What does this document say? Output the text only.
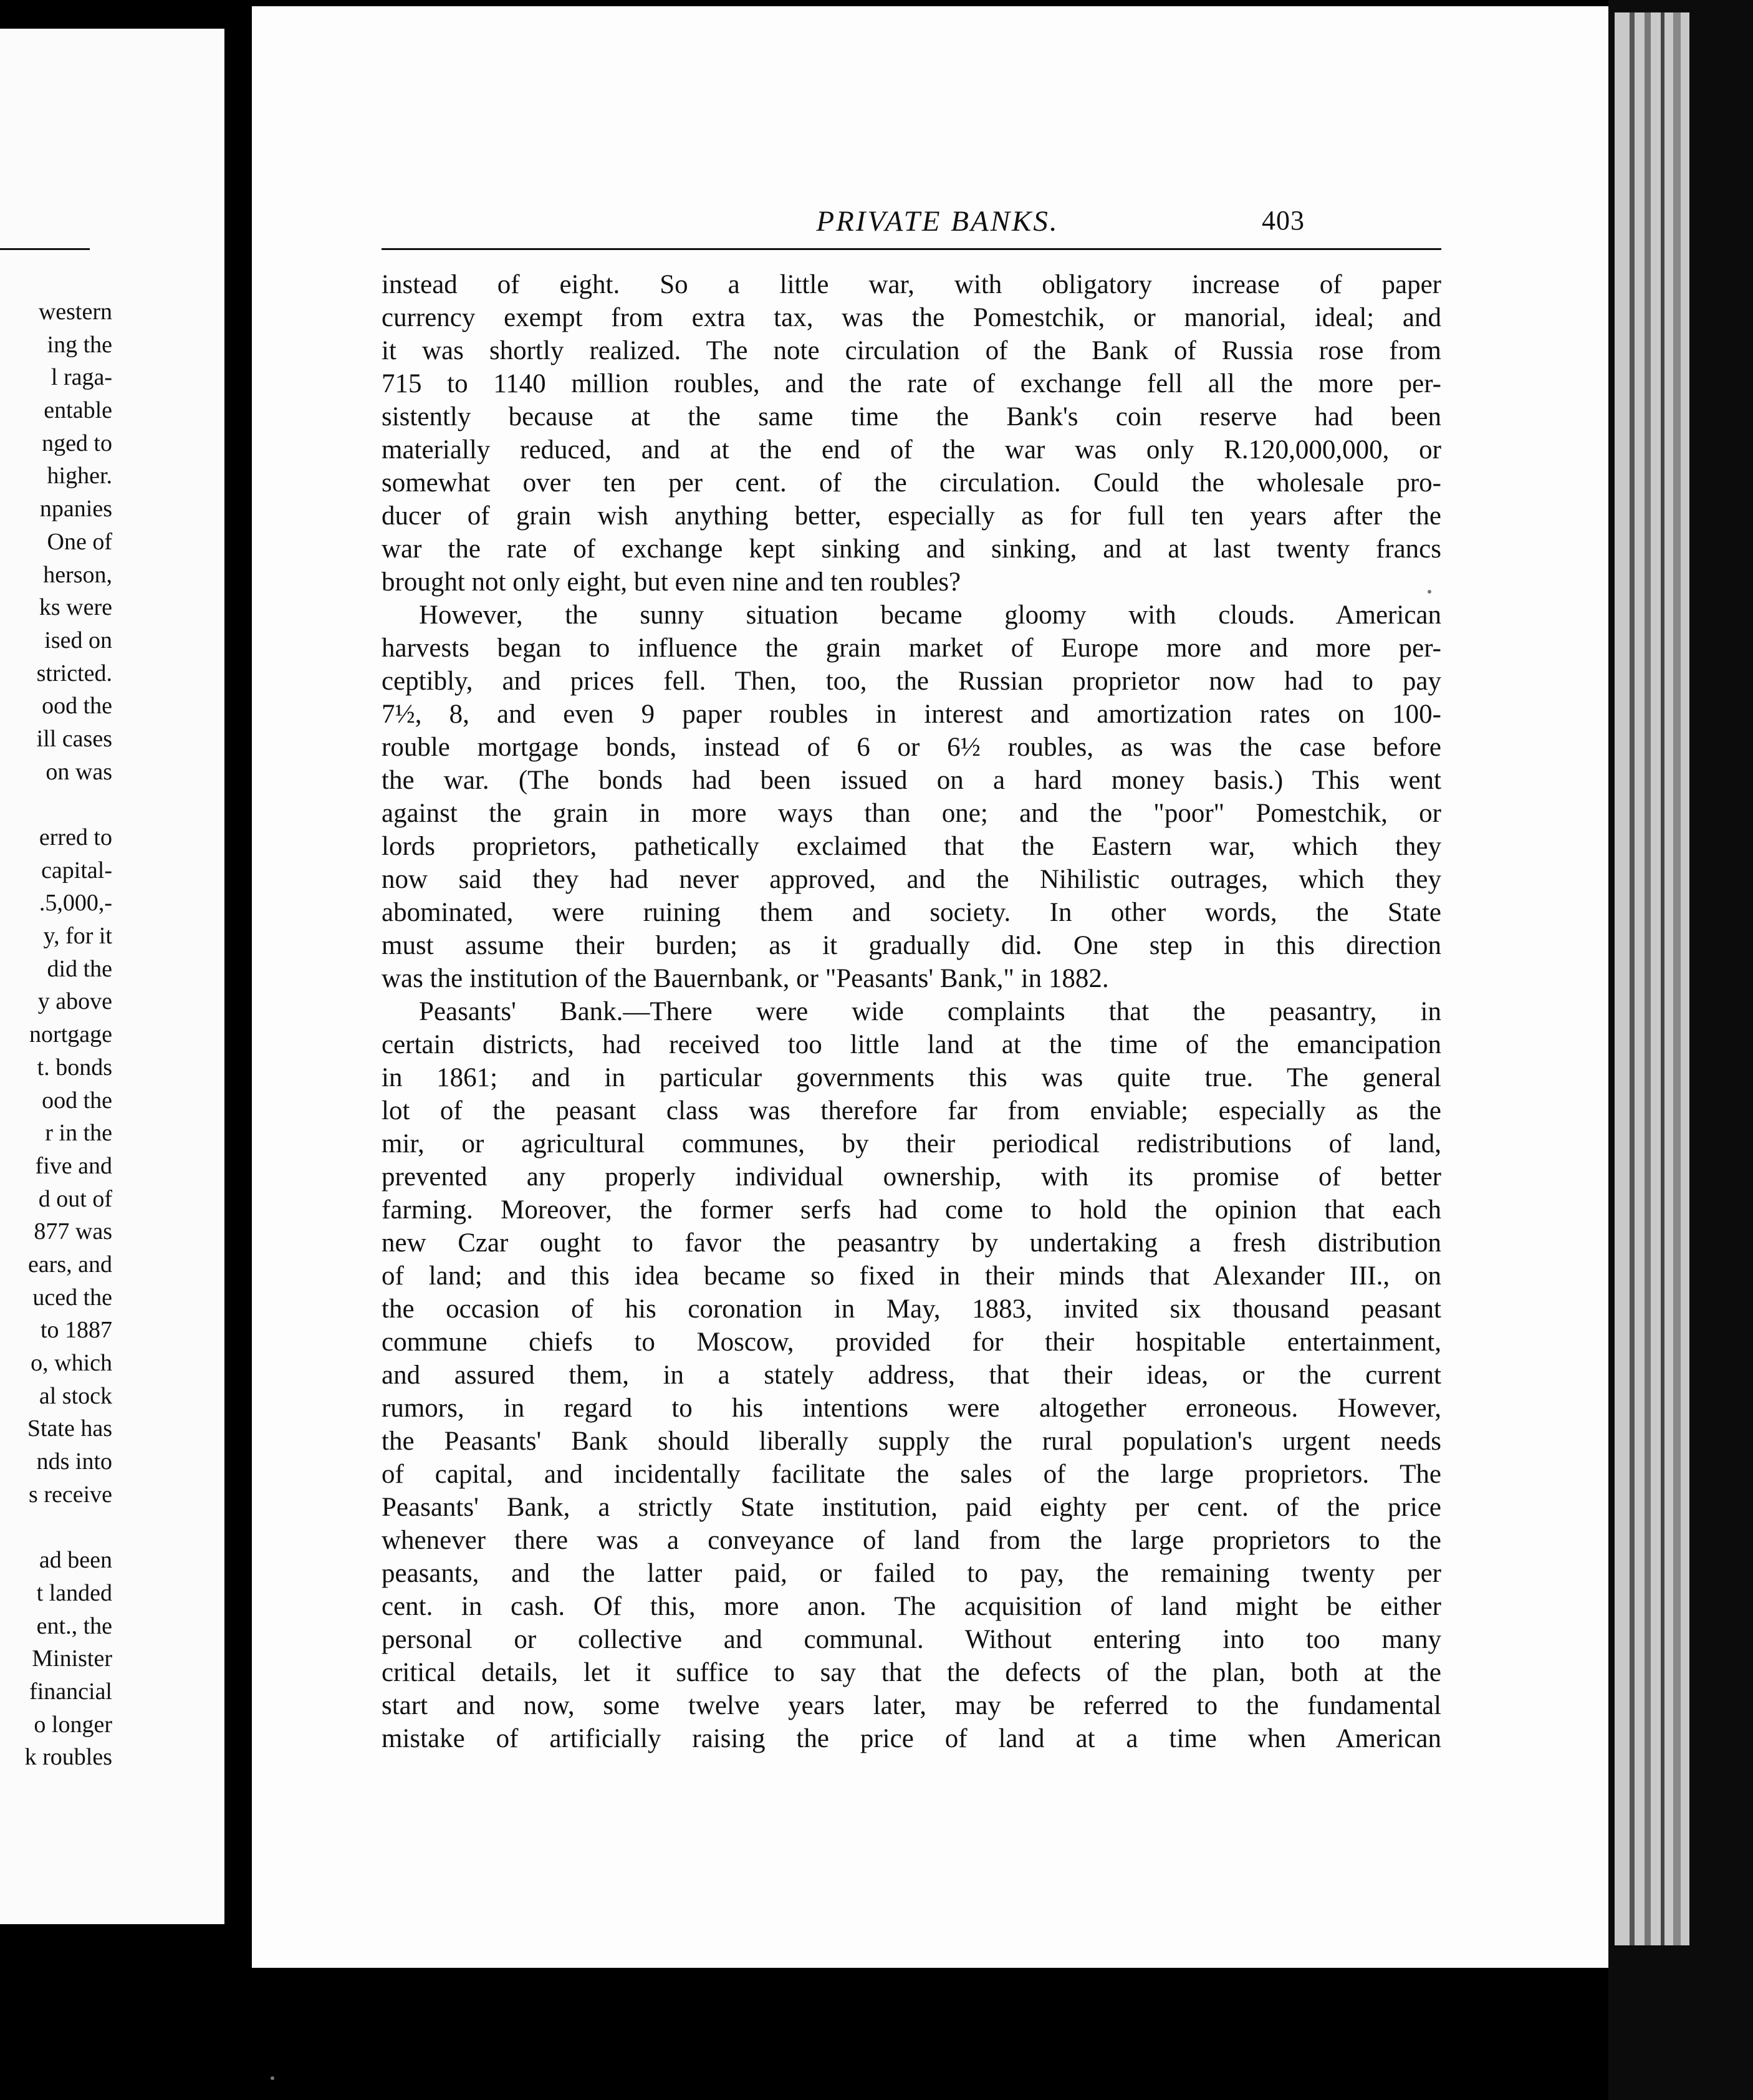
western
ing the
l raga-
entable
nged to
higher.
npanies
One of
herson,
ks were
ised on
stricted.
ood the
ill cases
on was
erred to
capital-
.5,000,-
y, for it
did the
y above
nortgage
t. bonds
ood the
r in the
five and
d out of
877 was
ears, and
uced the
to 1887
o, which
al stock
State has
nds into
s receive
ad been
t landed
ent., the
Minister
financial
o longer
k roubles
PRIVATE BANKS.	403
instead of eight. So a little war, with obligatory increase of paper
currency exempt from extra tax, was the Pomestchik, or manorial, ideal; and
it was shortly realized. The note circulation of the Bank of Russia rose from
715 to 1140 million roubles, and the rate of exchange fell all the more per-
sistently because at the same time the Bank's coin reserve had been
materially reduced, and at the end of the war was only R.120,000,000, or
somewhat over ten per cent. of the circulation. Could the wholesale pro-
ducer of grain wish anything better, especially as for full ten years after the
war the rate of exchange kept sinking and sinking, and at last twenty francs
brought not only eight, but even nine and ten roubles?
However, the sunny situation became gloomy with clouds. American
harvests began to influence the grain market of Europe more and more per-
ceptibly, and prices fell. Then, too, the Russian proprietor now had to pay
7½, 8, and even 9 paper roubles in interest and amortization rates on 100-
rouble mortgage bonds, instead of 6 or 6½ roubles, as was the case before
the war. (The bonds had been issued on a hard money basis.) This went
against the grain in more ways than one; and the "poor" Pomestchik, or
lords proprietors, pathetically exclaimed that the Eastern war, which they
now said they had never approved, and the Nihilistic outrages, which they
abominated, were ruining them and society. In other words, the State
must assume their burden; as it gradually did. One step in this direction
was the institution of the Bauernbank, or "Peasants' Bank," in 1882.
Peasants' Bank.—There were wide complaints that the peasantry, in
certain districts, had received too little land at the time of the emancipation
in 1861; and in particular governments this was quite true. The general
lot of the peasant class was therefore far from enviable; especially as the
mir, or agricultural communes, by their periodical redistributions of land,
prevented any properly individual ownership, with its promise of better
farming. Moreover, the former serfs had come to hold the opinion that each
new Czar ought to favor the peasantry by undertaking a fresh distribution
of land; and this idea became so fixed in their minds that Alexander III., on
the occasion of his coronation in May, 1883, invited six thousand peasant
commune chiefs to Moscow, provided for their hospitable entertainment,
and assured them, in a stately address, that their ideas, or the current
rumors, in regard to his intentions were altogether erroneous. However,
the Peasants' Bank should liberally supply the rural population's urgent needs
of capital, and incidentally facilitate the sales of the large proprietors. The
Peasants' Bank, a strictly State institution, paid eighty per cent. of the price
whenever there was a conveyance of land from the large proprietors to the
peasants, and the latter paid, or failed to pay, the remaining twenty per
cent. in cash. Of this, more anon. The acquisition of land might be either
personal or collective and communal. Without entering into too many
critical details, let it suffice to say that the defects of the plan, both at the
start and now, some twelve years later, may be referred to the fundamental
mistake of artificially raising the price of land at a time when American
